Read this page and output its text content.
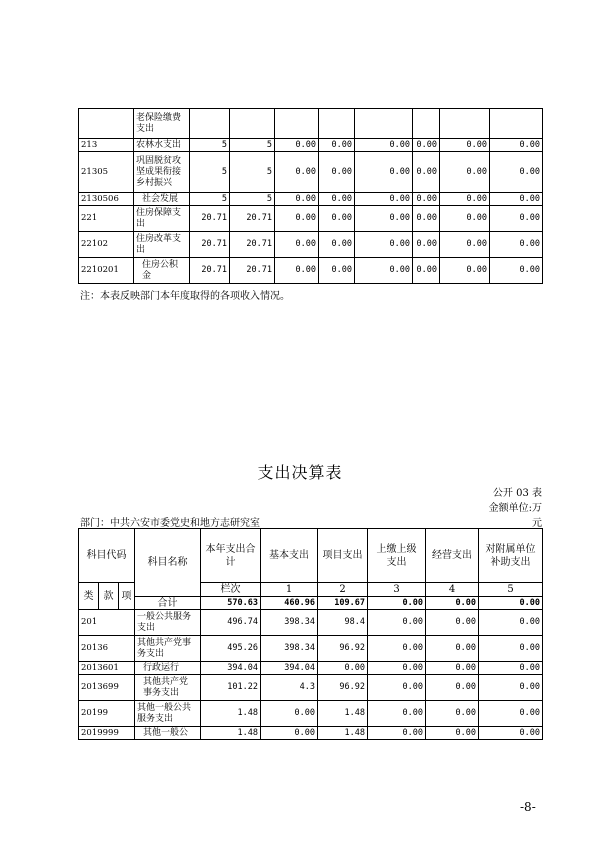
	老保险缴费
支出								
213	农林水支出	5	5	0.00	0.00	0.00	0.00	0.00	0.00
21305	巩固脱贫攻
坚成果衔接
乡村振兴	5	5	0.00	0.00	0.00	0.00	0.00	0.00
2130506	社会发展	5	5	0.00	0.00	0.00	0.00	0.00	0.00
221	住房保障支
出	20.71	20.71	0.00	0.00	0.00	0.00	0.00	0.00
22102	住房改革支
出	20.71	20.71	0.00	0.00	0.00	0.00	0.00	0.00
2210201	住房公积
金	20.71	20.71	0.00	0.00	0.00	0.00	0.00	0.00
注：本表反映部门本年度取得的各项收入情况。
支出决算表
公开 03 表
金额单位:万
元
部门：中共六安市委党史和地方志研究室
科目代码			科目名称	本年支出合
计	基本支出	项目支出	上缴上级
支出	经营支出	对附属单位
补助支出	
类	款	项		栏次	1	2	3	4	5	
			合计	570.63	460.96	109.67	0.00	0.00	0.00	
201			一般公共服务
支出	496.74	398.34	98.4	0.00	0.00	0.00	
20136			其他共产党事
务支出	495.26	398.34	96.92	0.00	0.00	0.00	
2013601			行政运行	394.04	394.04	0.00	0.00	0.00	0.00	
2013699			其他共产党
事务支出	101.22	4.3	96.92	0.00	0.00	0.00	
20199			其他一般公共
服务支出	1.48	0.00	1.48	0.00	0.00	0.00	
2019999			其他一般公	1.48	0.00	1.48	0.00	0.00	0.00	
-8-
